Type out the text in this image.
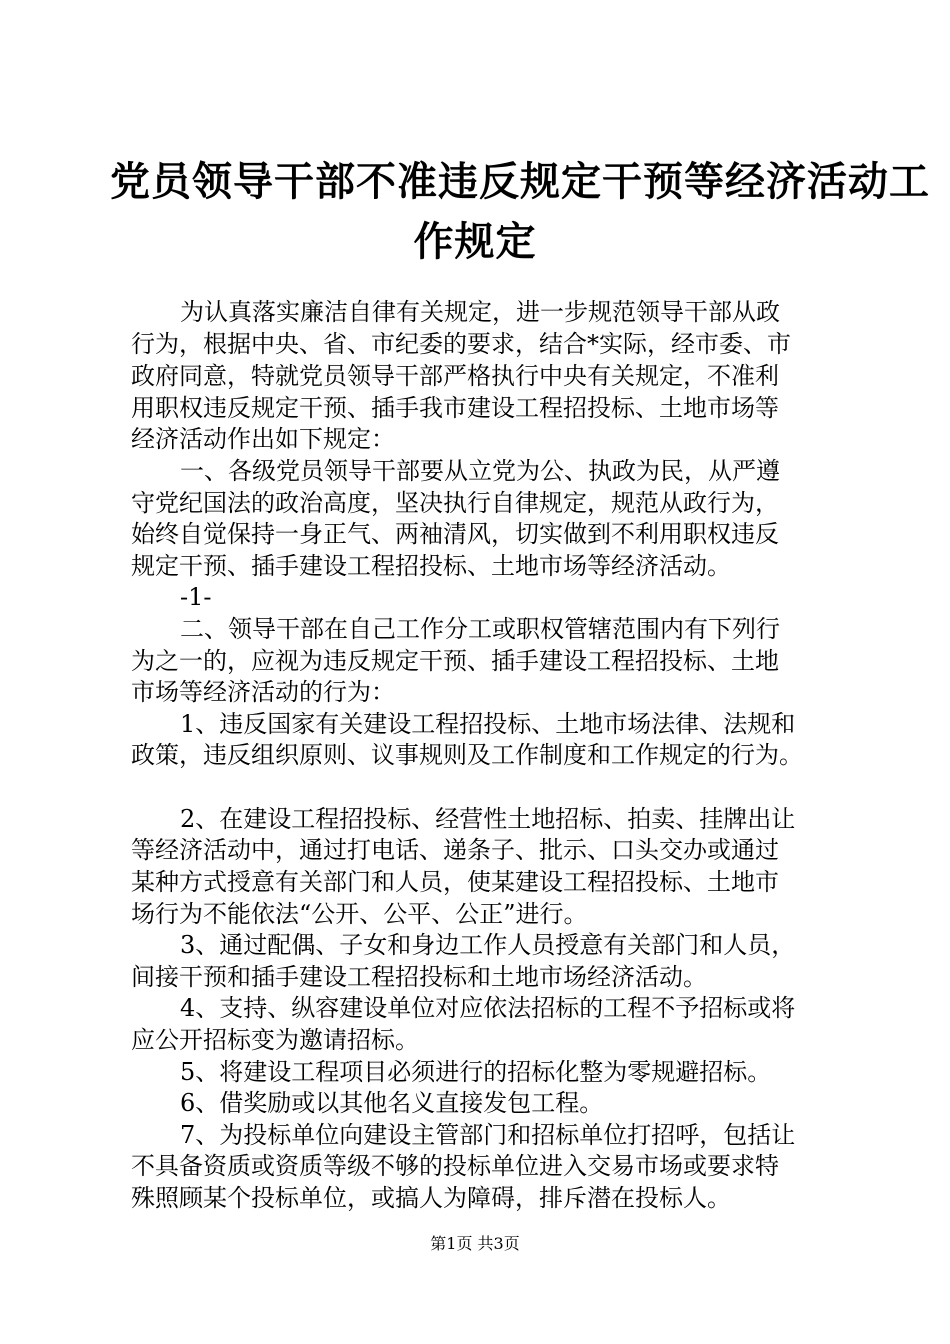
党员领导干部不准违反规定干预等经济活动工
作规定
为认真落实廉洁自律有关规定，进一步规范领导干部从政
行为，根据中央、省、市纪委的要求，结合*实际，经市委、市
政府同意，特就党员领导干部严格执行中央有关规定，不准利
用职权违反规定干预、插手我市建设工程招投标、土地市场等
经济活动作出如下规定：
一、各级党员领导干部要从立党为公、执政为民，从严遵
守党纪国法的政治高度，坚决执行自律规定，规范从政行为，
始终自觉保持一身正气、两袖清风，切实做到不利用职权违反
规定干预、插手建设工程招投标、土地市场等经济活动。
-1-
二、领导干部在自己工作分工或职权管辖范围内有下列行
为之一的，应视为违反规定干预、插手建设工程招投标、土地
市场等经济活动的行为：
1、违反国家有关建设工程招投标、土地市场法律、法规和
政策，违反组织原则、议事规则及工作制度和工作规定的行为。
2、在建设工程招投标、经营性土地招标、拍卖、挂牌出让
等经济活动中，通过打电话、递条子、批示、口头交办或通过
某种方式授意有关部门和人员，使某建设工程招投标、土地市
场行为不能依法“公开、公平、公正”进行。
3、通过配偶、子女和身边工作人员授意有关部门和人员，
间接干预和插手建设工程招投标和土地市场经济活动。
4、支持、纵容建设单位对应依法招标的工程不予招标或将
应公开招标变为邀请招标。
5、将建设工程项目必须进行的招标化整为零规避招标。
6、借奖励或以其他名义直接发包工程。
7、为投标单位向建设主管部门和招标单位打招呼，包括让
不具备资质或资质等级不够的投标单位进入交易市场或要求特
殊照顾某个投标单位，或搞人为障碍，排斥潜在投标人。
第1页 共3页
